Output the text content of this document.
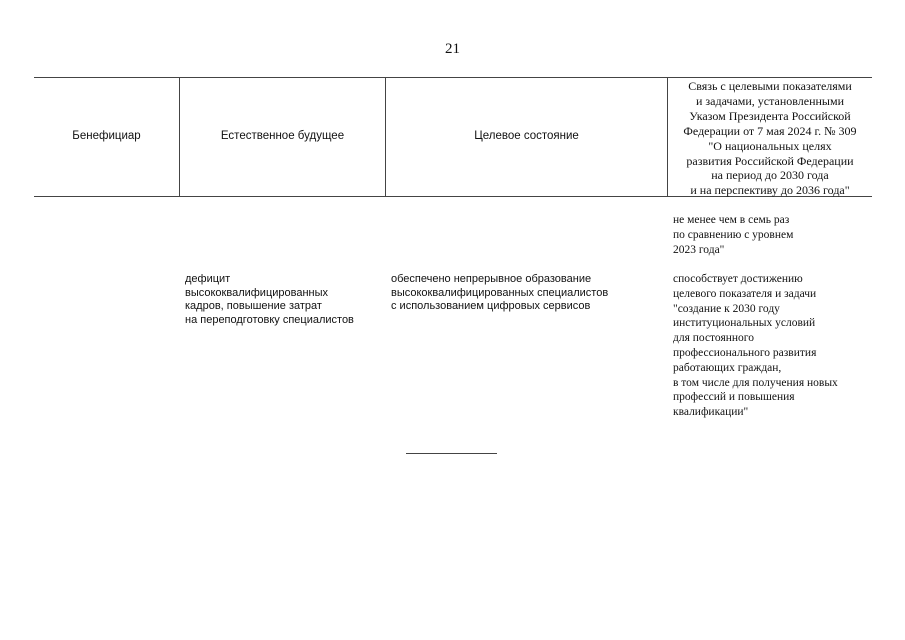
21
Бенефициар	Естественное будущее	Целевое состояние
Связь с целевыми показателями
и задачами, установленными
Указом Президента Российской
Федерации от 7 мая 2024 г. № 309
"О национальных целях
развития Российской Федерации
на период до 2030 года
и на перспективу до 2036 года"
не менее чем в семь раз
по сравнению с уровнем
2023 года"
дефицит
высококвалифицированных
кадров, повышение затрат
на переподготовку специалистов
обеспечено непрерывное образование
высококвалифицированных специалистов
с использованием цифровых сервисов
способствует достижению
целевого показателя и задачи
"создание к 2030 году
институциональных условий
для постоянного
профессионального развития
работающих граждан,
в том числе для получения новых
профессий и повышения
квалификации"
